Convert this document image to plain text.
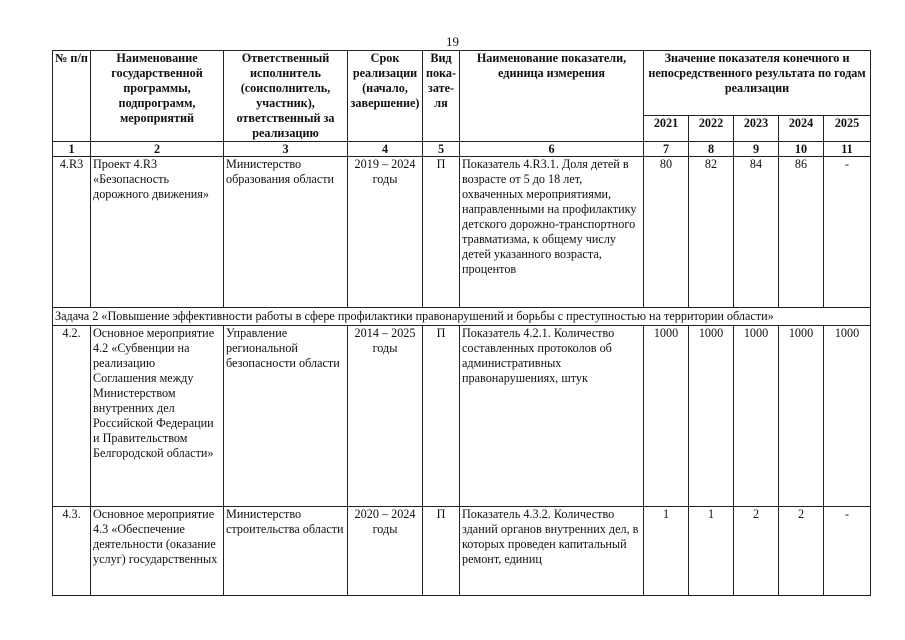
19
№ п/п	Наименование государственной программы, подпрограмм, мероприятий	Ответственный исполнитель (соисполнитель, участник), ответственный за реализацию	Срок реализации (начало, завершение)	Вид пока-зате-ля	Наименование показатели, единица измерения	Значение показателя конечного и непосредственного результата по годам реализации				
						2021	2022	2023	2024	2025
1	2	3	4	5	6	7	8	9	10	11
4.R3	Проект 4.R3 «Безопасность дорожного движения»	Министерство образования области	2019 – 2024 годы	П	Показатель 4.R3.1. Доля детей в возрасте от 5 до 18 лет, охваченных мероприятиями, направленными на профилактику детского дорожно-транспортного травматизма, к общему числу детей указанного возраста, процентов	80	82	84	86	-
Задача 2 «Повышение эффективности работы в сфере профилактики правонарушений и борьбы с преступностью на территории области»										
4.2.	Основное мероприятие 4.2 «Субвенции на реализацию Соглашения между Министерством внутренних дел Российской Федерации и Правительством Белгородской области»	Управление региональной безопасности области	2014 – 2025 годы	П	Показатель 4.2.1. Количество составленных протоколов об административных правонарушениях, штук	1000	1000	1000	1000	1000
4.3.	Основное мероприятие 4.3 «Обеспечение деятельности (оказание услуг) государственных	Министерство строительства области	2020 – 2024 годы	П	Показатель 4.3.2. Количество зданий органов внутренних дел, в которых проведен капитальный ремонт, единиц	1	1	2	2	-
